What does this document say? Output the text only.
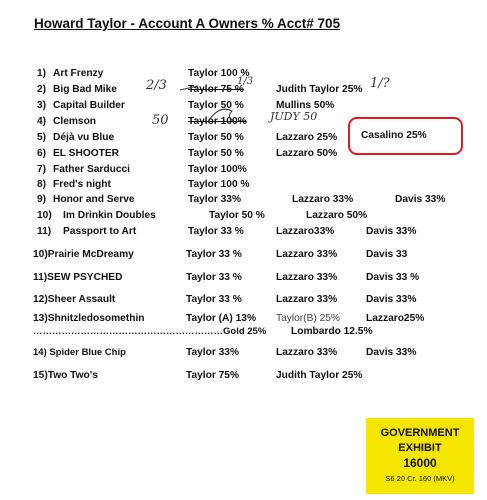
Howard Taylor - Account A Owners % Acct# 705
1) Art Frenzy	Taylor 100 %
2) Big Bad Mike	Taylor 75 %	Judith Taylor 25%
3) Capital Builder	Taylor 50 %	Mullins 50%
4) Clemson	Taylor 100%
5) Déjà vu Blue	Taylor 50 %	Lazzaro 25% Casalino 25%
6) EL SHOOTER	Taylor 50 %	Lazzaro 50%
7) Father Sarducci	Taylor 100%
8) Fred's night	Taylor 100 %
9) Honor and Serve	Taylor 33%	Lazzaro 33%	Davis 33%
10) Im Drinkin Doubles	Taylor 50 %	Lazzaro 50%
11) Passport to Art	Taylor 33 %	Lazzaro33%	Davis 33%
10)Prairie McDreamy	Taylor 33 %	Lazzaro 33%	Davis 33
11)SEW PSYCHED	Taylor 33 %	Lazzaro 33%	Davis 33 %
12)Sheer Assault	Taylor 33 %	Lazzaro 33%	Davis 33%
13)Shnitzledosomethin	Taylor (A) 13% Taylor(B) 25%	Lazzaro25%
……………………………………………………Gold 25% Lombardo 12.5%
14) Spider Blue Chip	Taylor 33%	Lazzaro 33%	Davis 33%
15)Two Two's	Taylor 75%	Judith Taylor 25%
2/3	1/3	1/?
50	JUDY 50
GOVERNMENT
EXHIBIT
16000
S6 20 Cr. 160 (MKV)
